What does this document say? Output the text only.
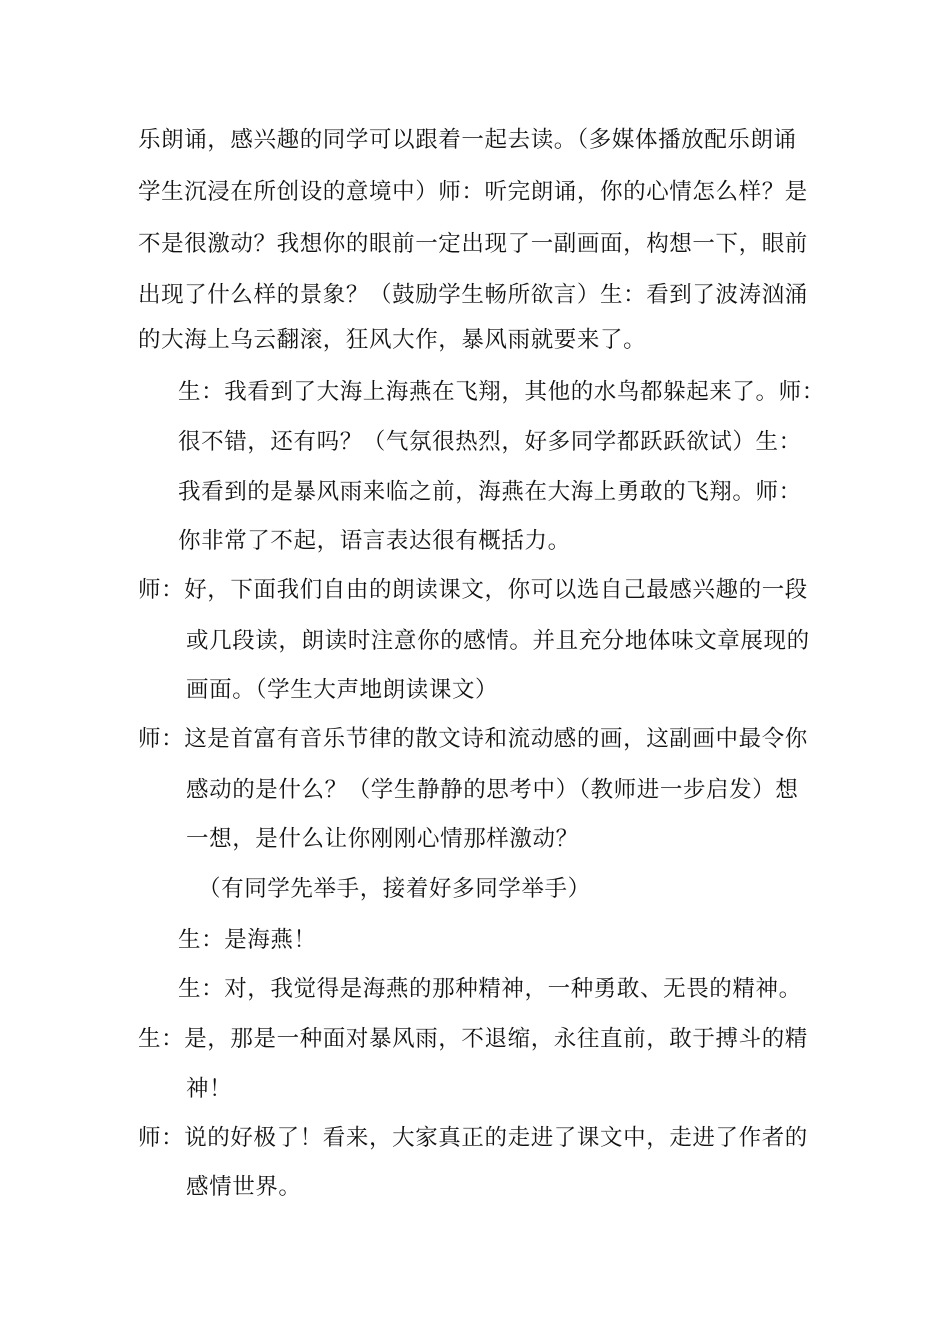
乐朗诵，感兴趣的同学可以跟着一起去读。（多媒体播放配乐朗诵
学生沉浸在所创设的意境中）师：听完朗诵，你的心情怎么样？是
不是很激动？我想你的眼前一定出现了一副画面，构想一下，眼前
出现了什么样的景象？（鼓励学生畅所欲言）生：看到了波涛汹涌
的大海上乌云翻滚，狂风大作，暴风雨就要来了。
生：我看到了大海上海燕在飞翔，其他的水鸟都躲起来了。师：
很不错，还有吗？（气氛很热烈，好多同学都跃跃欲试）生：
我看到的是暴风雨来临之前，海燕在大海上勇敢的飞翔。师：
你非常了不起，语言表达很有概括力。
师：好，下面我们自由的朗读课文，你可以选自己最感兴趣的一段
或几段读，朗读时注意你的感情。并且充分地体味文章展现的
画面。（学生大声地朗读课文）
师：这是首富有音乐节律的散文诗和流动感的画，这副画中最令你
感动的是什么？（学生静静的思考中）（教师进一步启发）想
一想，是什么让你刚刚心情那样激动？
（有同学先举手，接着好多同学举手）
生：是海燕！
生：对，我觉得是海燕的那种精神，一种勇敢、无畏的精神。
生：是，那是一种面对暴风雨，不退缩，永往直前，敢于搏斗的精
神！
师：说的好极了！看来，大家真正的走进了课文中，走进了作者的
感情世界。
